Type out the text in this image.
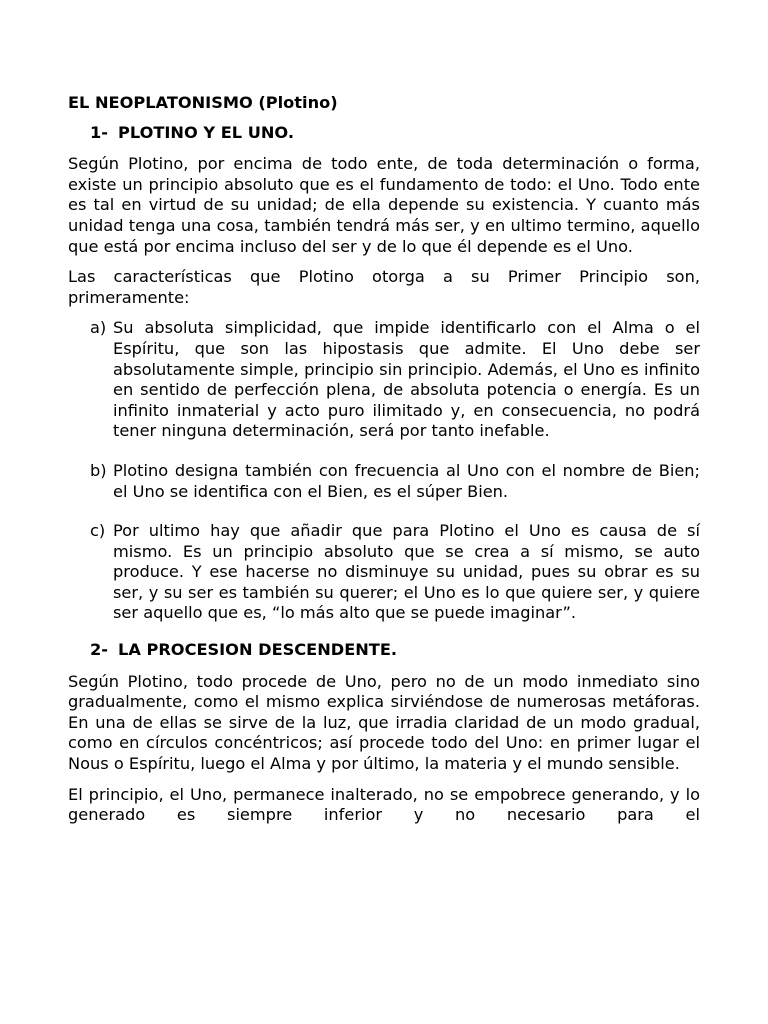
EL NEOPLATONISMO (Plotino)
1- PLOTINO Y EL UNO.

Según Plotino, por encima de todo ente, de toda determinación o forma, existe un principio absoluto que es el fundamento de todo: el Uno. Todo ente es tal en virtud de su unidad; de ella depende su existencia. Y cuanto más unidad tenga una cosa, también tendrá más ser, y en ultimo termino, aquello que está por encima incluso del ser y de lo que él depende es el Uno.

Las características que Plotino otorga a su Primer Principio son, primeramente:

a) Su absoluta simplicidad, que impide identificarlo con el Alma o el Espíritu, que son las hipostasis que admite. El Uno debe ser absolutamente simple, principio sin principio. Además, el Uno es infinito en sentido de perfección plena, de absoluta potencia o energía. Es un infinito inmaterial y acto puro ilimitado y, en consecuencia, no podrá tener ninguna determinación, será por tanto inefable.
b) Plotino designa también con frecuencia al Uno con el nombre de Bien; el Uno se identifica con el Bien, es el súper Bien.
c) Por ultimo hay que añadir que para Plotino el Uno es causa de sí mismo. Es un principio absoluto que se crea a sí mismo, se auto produce. Y ese hacerse no disminuye su unidad, pues su obrar es su ser, y su ser es también su querer; el Uno es lo que quiere ser, y quiere ser aquello que es, “lo más alto que se puede imaginar”.
2- LA PROCESION DESCENDENTE.

Según Plotino, todo procede de Uno, pero no de un modo inmediato sino gradualmente, como el mismo explica sirviéndose de numerosas metáforas. En una de ellas se sirve de la luz, que irradia claridad de un modo gradual, como en círculos concéntricos; así procede todo del Uno: en primer lugar el Nous o Espíritu, luego el Alma y por último, la materia y el mundo sensible.

El principio, el Uno, permanece inalterado, no se empobrece generando, y lo generado es siempre inferior y no necesario para el
